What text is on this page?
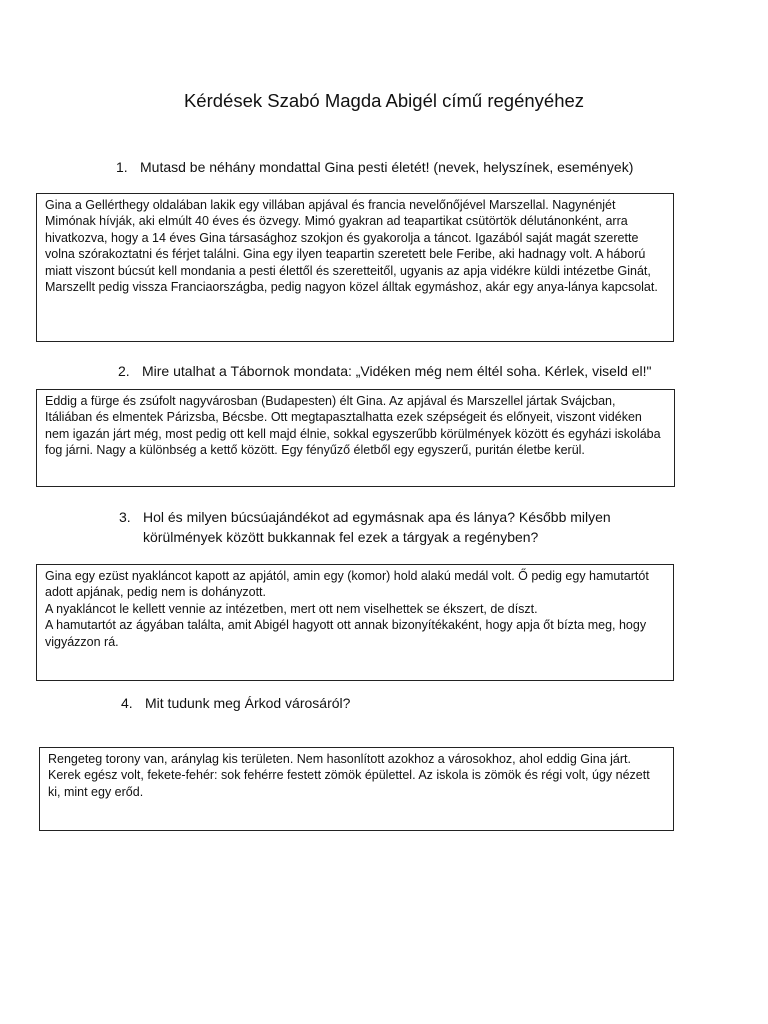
Kérdések Szabó Magda Abigél című regényéhez
1. Mutasd be néhány mondattal Gina pesti életét! (nevek, helyszínek, események)

Gina a Gellérthegy oldalában lakik egy villában apjával és francia nevelőnőjével Marszellal. Nagynénjét Mimónak hívják, aki elmúlt 40 éves és özvegy. Mimó gyakran ad teapartikat csütörtök délutánonként, arra hivatkozva, hogy a 14 éves Gina társasághoz szokjon és gyakorolja a táncot. Igazából saját magát szerette volna szórakoztatni és férjet találni. Gina egy ilyen teapartin szeretett bele Feribe, aki hadnagy volt. A háború miatt viszont búcsút kell mondania a pesti élettől és szeretteitől, ugyanis az apja vidékre küldi intézetbe Ginát, Marszellt pedig vissza Franciaországba, pedig nagyon közel álltak egymáshoz, akár egy anya-lánya kapcsolat.

2. Mire utalhat a Tábornok mondata: „Vidéken még nem éltél soha. Kérlek, viseld el!"

Eddig a fürge és zsúfolt nagyvárosban (Budapesten) élt Gina. Az apjával és Marszellel jártak Svájcban, Itáliában és elmentek Párizsba, Bécsbe. Ott megtapasztalhatta ezek szépségeit és előnyeit, viszont vidéken nem igazán járt még, most pedig ott kell majd élnie, sokkal egyszerűbb körülmények között és egyházi iskolába fog járni. Nagy a különbség a kettő között. Egy fényűző életből egy egyszerű, puritán életbe kerül.

3. Hol és milyen búcsúajándékot ad egymásnak apa és lánya? Később milyen körülmények között bukkannak fel ezek a tárgyak a regényben?

Gina egy ezüst nyakláncot kapott az apjától, amin egy (komor) hold alakú medál volt. Ő pedig egy hamutartót adott apjának, pedig nem is dohányzott.

A nyakláncot le kellett vennie az intézetben, mert ott nem viselhettek se ékszert, de díszt.

A hamutartót az ágyában találta, amit Abigél hagyott ott annak bizonyítékaként, hogy apja őt bízta meg, hogy vigyázzon rá.

4. Mit tudunk meg Árkod városáról?

Rengeteg torony van, aránylag kis területen. Nem hasonlított azokhoz a városokhoz, ahol eddig Gina járt. Kerek egész volt, fekete-fehér: sok fehérre festett zömök épülettel. Az iskola is zömök és régi volt, úgy nézett ki, mint egy erőd.
